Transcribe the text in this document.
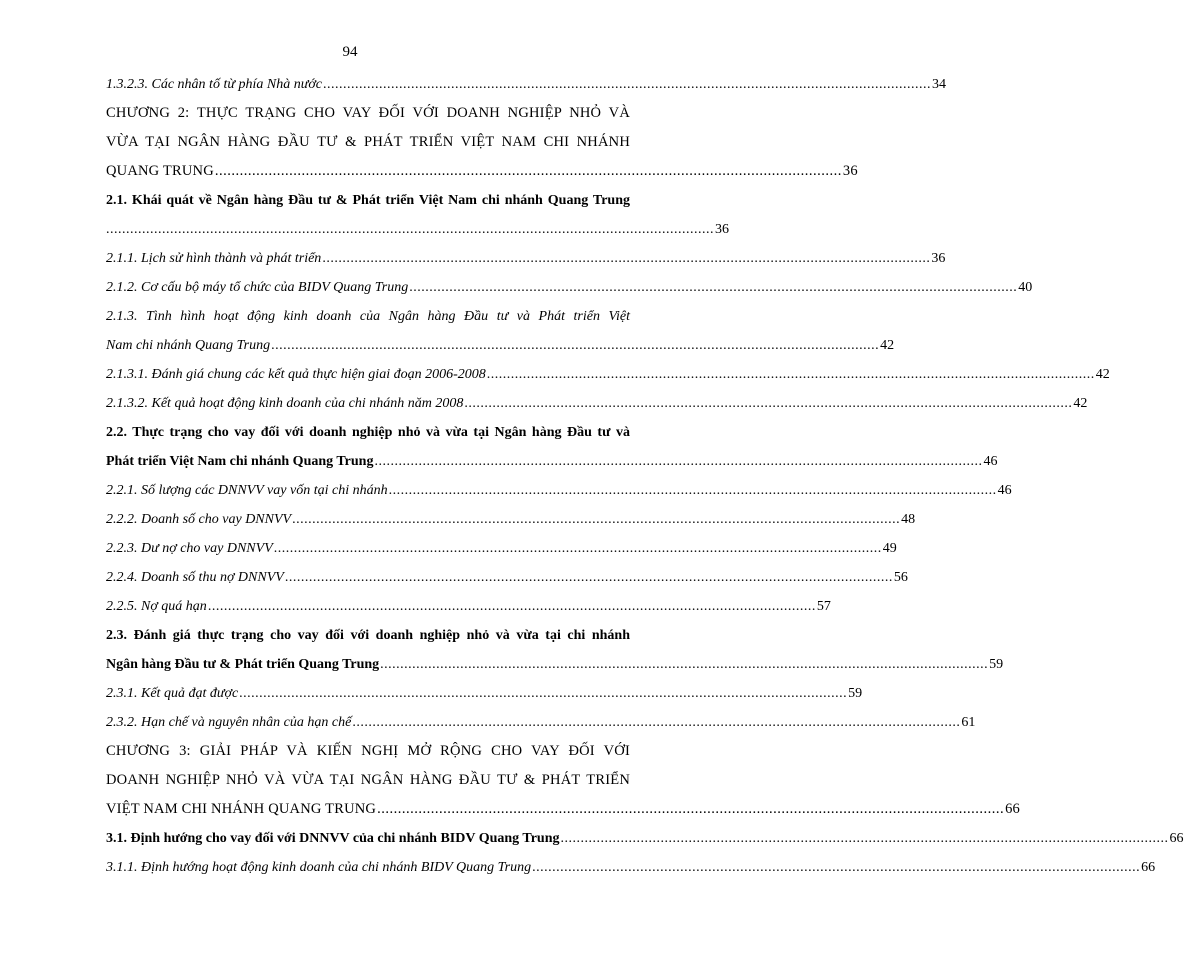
94
1.3.2.3. Các nhân tố từ phía Nhà nước ........................................................................................................................................................ 34
CHƯƠNG 2: THỰC TRẠNG CHO VAY ĐỐI VỚI DOANH NGHIỆP NHỎ VÀ
VỪA TẠI NGÂN HÀNG ĐẦU TƯ & PHÁT TRIỂN VIỆT NAM CHI NHÁNH
QUANG TRUNG ........................................................................................................................................................ 36
2.1. Khái quát về Ngân hàng Đầu tư & Phát triển Việt Nam chi nhánh Quang Trung
........................................................................................................................................................ 36
2.1.1. Lịch sử hình thành và phát triển ........................................................................................................................................................ 36
2.1.2. Cơ cấu bộ máy tổ chức của BIDV Quang Trung ........................................................................................................................................................ 40
2.1.3. Tình hình hoạt động kinh doanh của Ngân hàng Đầu tư và Phát triển Việt
Nam chi nhánh Quang Trung ........................................................................................................................................................ 42
2.1.3.1. Đánh giá chung các kết quả thực hiện giai đoạn 2006-2008 ........................................................................................................................................................ 42
2.1.3.2. Kết quả hoạt động kinh doanh của chi nhánh năm 2008 ........................................................................................................................................................ 42
2.2. Thực trạng cho vay đối với doanh nghiệp nhỏ và vừa tại Ngân hàng Đầu tư và
Phát triển Việt Nam chi nhánh Quang Trung ........................................................................................................................................................ 46
2.2.1. Số lượng các DNNVV vay vốn tại chi nhánh ........................................................................................................................................................ 46
2.2.2. Doanh số cho vay DNNVV ........................................................................................................................................................ 48
2.2.3. Dư nợ cho vay DNNVV ........................................................................................................................................................ 49
2.2.4. Doanh số thu nợ DNNVV ........................................................................................................................................................ 56
2.2.5. Nợ quá hạn ........................................................................................................................................................ 57
2.3. Đánh giá thực trạng cho vay đối với doanh nghiệp nhỏ và vừa tại chi nhánh
Ngân hàng Đầu tư & Phát triển Quang Trung ........................................................................................................................................................ 59
2.3.1. Kết quả đạt được ........................................................................................................................................................ 59
2.3.2. Hạn chế và nguyên nhân của hạn chế ........................................................................................................................................................ 61
CHƯƠNG 3: GIẢI PHÁP VÀ KIẾN NGHỊ MỞ RỘNG CHO VAY ĐỐI VỚI
DOANH NGHIỆP NHỎ VÀ VỪA TẠI NGÂN HÀNG ĐẦU TƯ & PHÁT TRIỂN
VIỆT NAM CHI NHÁNH QUANG TRUNG ........................................................................................................................................................ 66
3.1. Định hướng cho vay đối với DNNVV của chi nhánh BIDV Quang Trung ........................................................................................................................................................ 66
3.1.1. Định hướng hoạt động kinh doanh của chi nhánh BIDV Quang Trung ........................................................................................................................................................ 66
